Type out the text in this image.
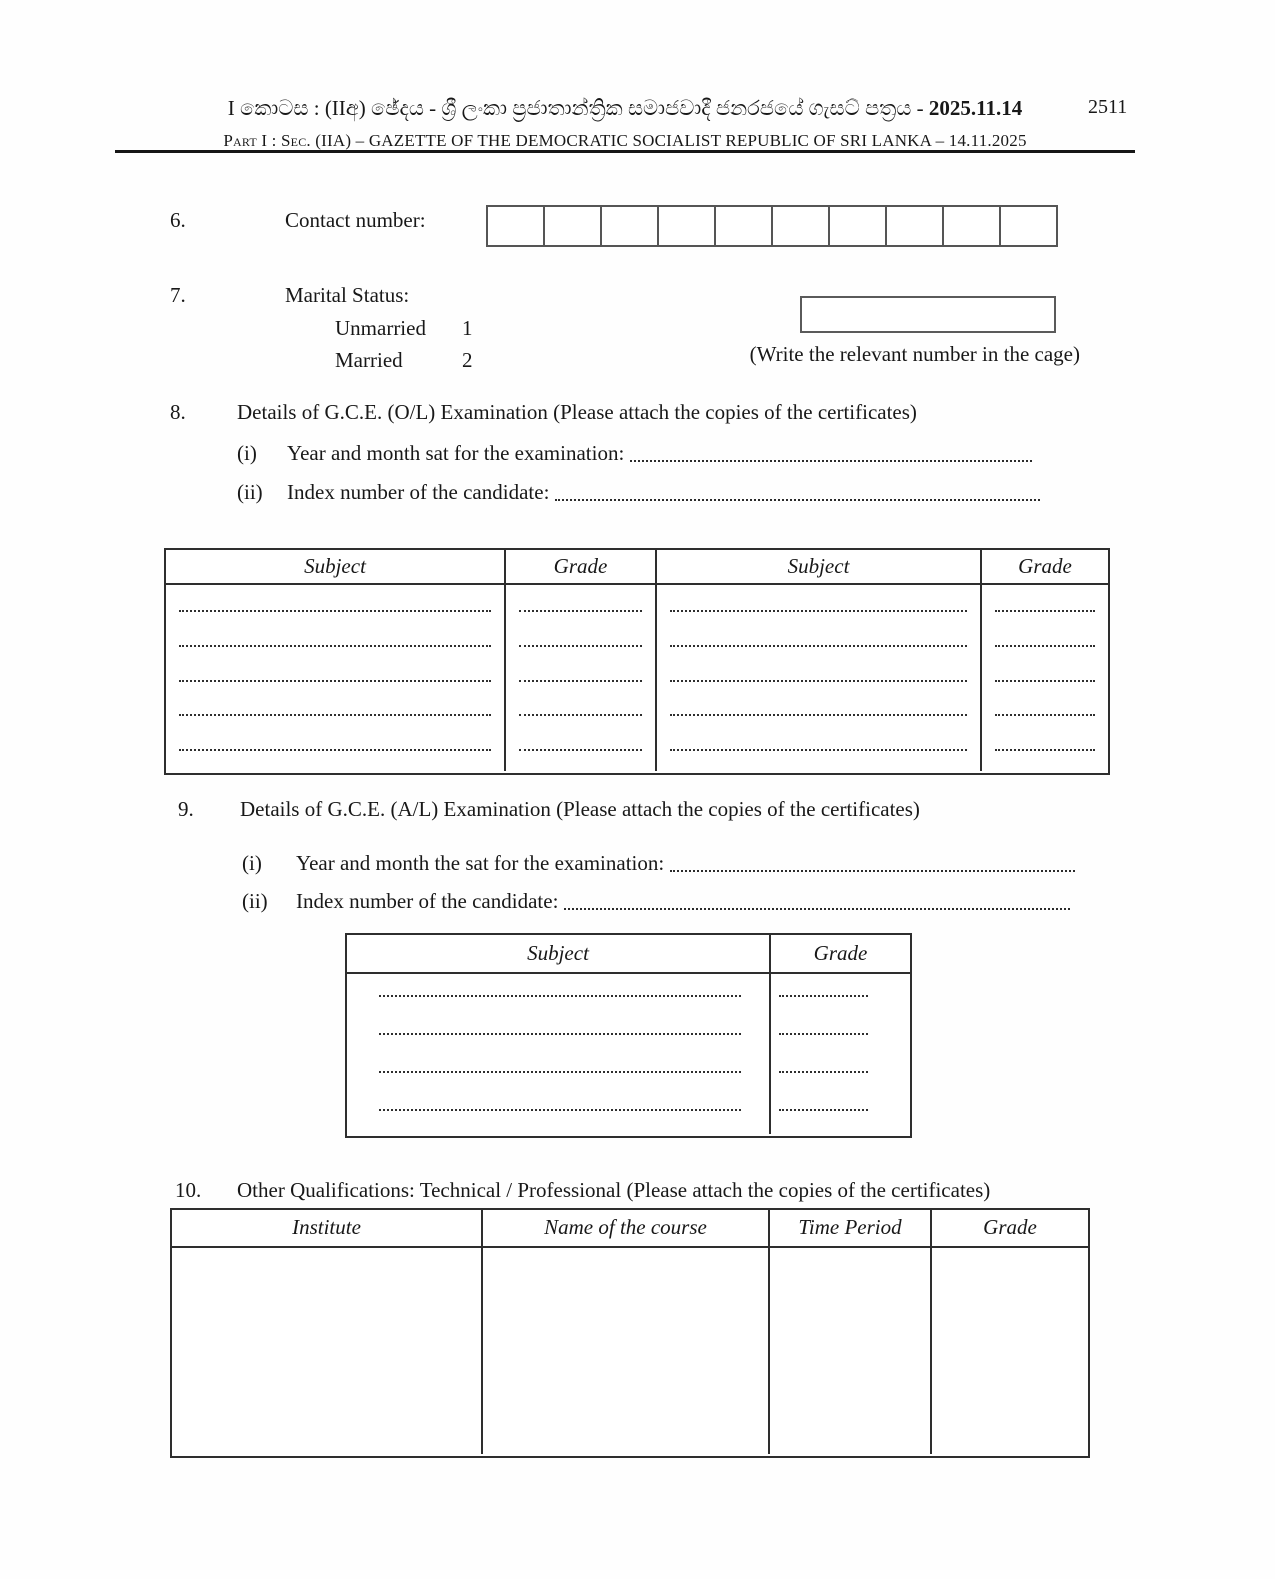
I කොටස : (IIඅ) ඡේදය - ශ්‍රී ලංකා ප්‍රජාතාන්ත්‍රික සමාජවාදී ජනරජයේ ගැසට් පත්‍රය - 2025.11.14	2511
Part I : Sec. (IIA) – GAZETTE OF THE DEMOCRATIC SOCIALIST REPUBLIC OF SRI LANKA – 14.11.2025
6.	Contact number:
7.	Marital Status:
Unmarried 1
Married	2	(Write the relevant number in the cage)
8. Details of G.C.E. (O/L) Examination (Please attach the copies of the certificates)
(i)	Year and month sat for the examination:
(ii)	Index number of the candidate:
Subject	Grade	Subject	Grade
9. Details of G.C.E. (A/L) Examination (Please attach the copies of the certificates)
(i)	Year and month the sat for the examination:
(ii)	Index number of the candidate:
Subject	Grade
10. Other Qualifications: Technical / Professional (Please attach the copies of the certificates)
Institute	Name of the course	Time Period	Grade
